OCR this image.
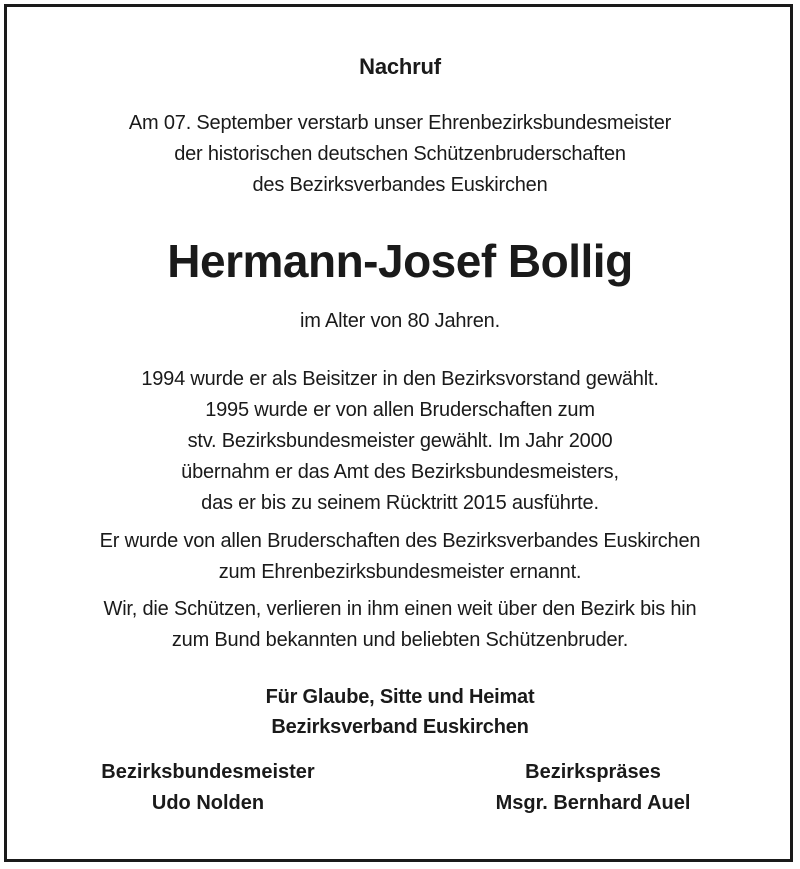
Nachruf
Am 07. September verstarb unser Ehrenbezirksbundesmeister
der historischen deutschen Schützenbruderschaften
des Bezirksverbandes Euskirchen
Hermann-Josef Bollig
im Alter von 80 Jahren.
1994 wurde er als Beisitzer in den Bezirksvorstand gewählt.
1995 wurde er von allen Bruderschaften zum
stv. Bezirksbundesmeister gewählt. Im Jahr 2000
übernahm er das Amt des Bezirksbundesmeisters,
das er bis zu seinem Rücktritt 2015 ausführte.
Er wurde von allen Bruderschaften des Bezirksverbandes Euskirchen
zum Ehrenbezirksbundesmeister ernannt.
Wir, die Schützen, verlieren in ihm einen weit über den Bezirk bis hin
zum Bund bekannten und beliebten Schützenbruder.
Für Glaube, Sitte und Heimat
Bezirksverband Euskirchen
Bezirksbundesmeister
Udo Nolden
Bezirkspräses
Msgr. Bernhard Auel
